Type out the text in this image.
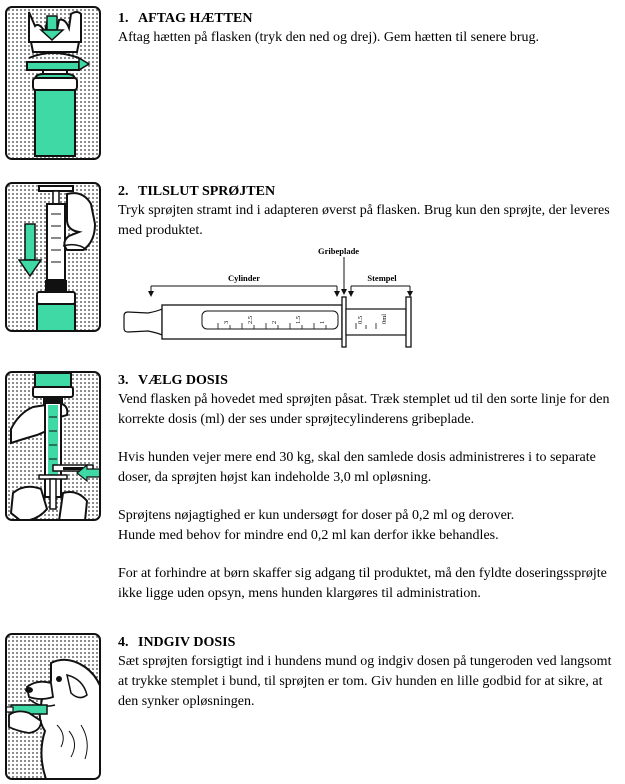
1. AFTAG HÆTTEN

Aftag hætten på flasken (tryk den ned og drej). Gem hætten til senere brug.

2. TILSLUT SPRØJTEN

Tryk sprøjten stramt ind i adapteren øverst på flasken. Brug kun den sprøjte, der leveres med produktet.

Gribeplade
Cylinder	Stempel
3	2.5	2	1.5	1	0.5	0ml

3. VÆLG DOSIS

Vend flasken på hovedet med sprøjten påsat. Træk stemplet ud til den sorte linje for den korrekte dosis (ml) der ses under sprøjtecylinderens gribeplade.

Hvis hunden vejer mere end 30 kg, skal den samlede dosis administreres i to separate doser, da sprøjten højst kan indeholde 3,0 ml opløsning.

Sprøjtens nøjagtighed er kun undersøgt for doser på 0,2 ml og derover.

Hunde med behov for mindre end 0,2 ml kan derfor ikke behandles.

For at forhindre at børn skaffer sig adgang til produktet, må den fyldte doseringssprøjte ikke ligge uden opsyn, mens hunden klargøres til administration.

4. INDGIV DOSIS

Sæt sprøjten forsigtigt ind i hundens mund og indgiv dosen på tungeroden ved langsomt at trykke stemplet i bund, til sprøjten er tom. Giv hunden en lille godbid for at sikre, at den synker opløsningen.
